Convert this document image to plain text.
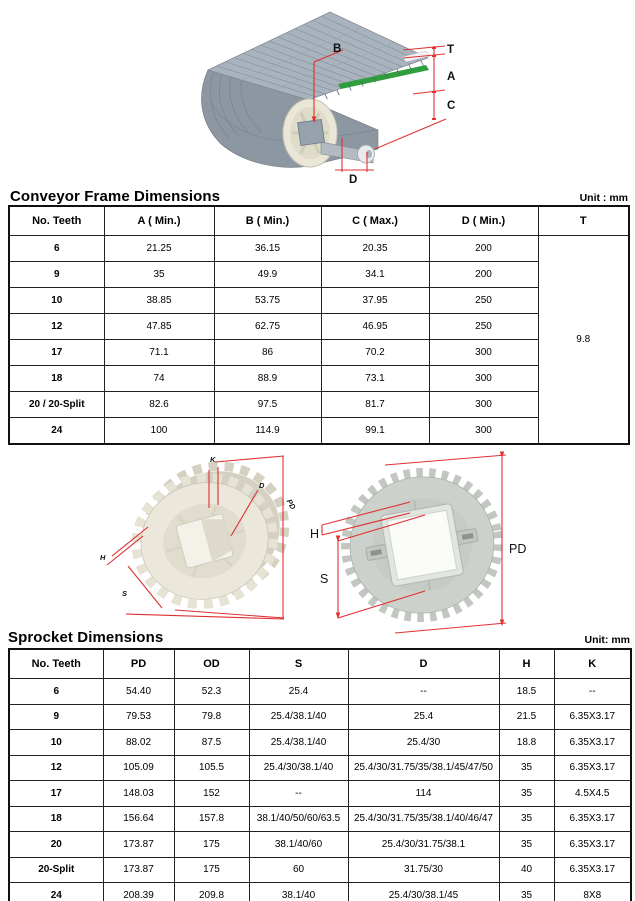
B	T
A
C
D
Conveyor Frame Dimensions	Unit : mm
No. Teeth	A ( Min.)	B ( Min.)	C ( Max.)	D ( Min.)	T
6	21.25	36.15	20.35	200	9.8
9	35	49.9	34.1	200	
10	38.85	53.75	37.95	250	
12	47.85	62.75	46.95	250	
17	71.1	86	70.2	300	
18	74	88.9	73.1	300	
20 / 20-Split	82.6	97.5	81.7	300	
24	100	114.9	99.1	300	
PD
K
D
H
S
PD
H
S
Sprocket Dimensions	Unit: mm
No. Teeth	PD	OD	S	D	H	K
6	54.40	52.3	25.4	--	18.5	--
9	79.53	79.8	25.4/38.1/40	25.4	21.5	6.35X3.17
10	88.02	87.5	25.4/38.1/40	25.4/30	18.8	6.35X3.17
12	105.09	105.5	25.4/30/38.1/40	25.4/30/31.75/35/38.1/45/47/50	35	6.35X3.17
17	148.03	152	--	114	35	4.5X4.5
18	156.64	157.8	38.1/40/50/60/63.5	25.4/30/31.75/35/38.1/40/46/47	35	6.35X3.17
20	173.87	175	38.1/40/60	25.4/30/31.75/38.1	35	6.35X3.17
20-Split	173.87	175	60	31.75/30	40	6.35X3.17
24	208.39	209.8	38.1/40	25.4/30/38.1/45	35	8X8
